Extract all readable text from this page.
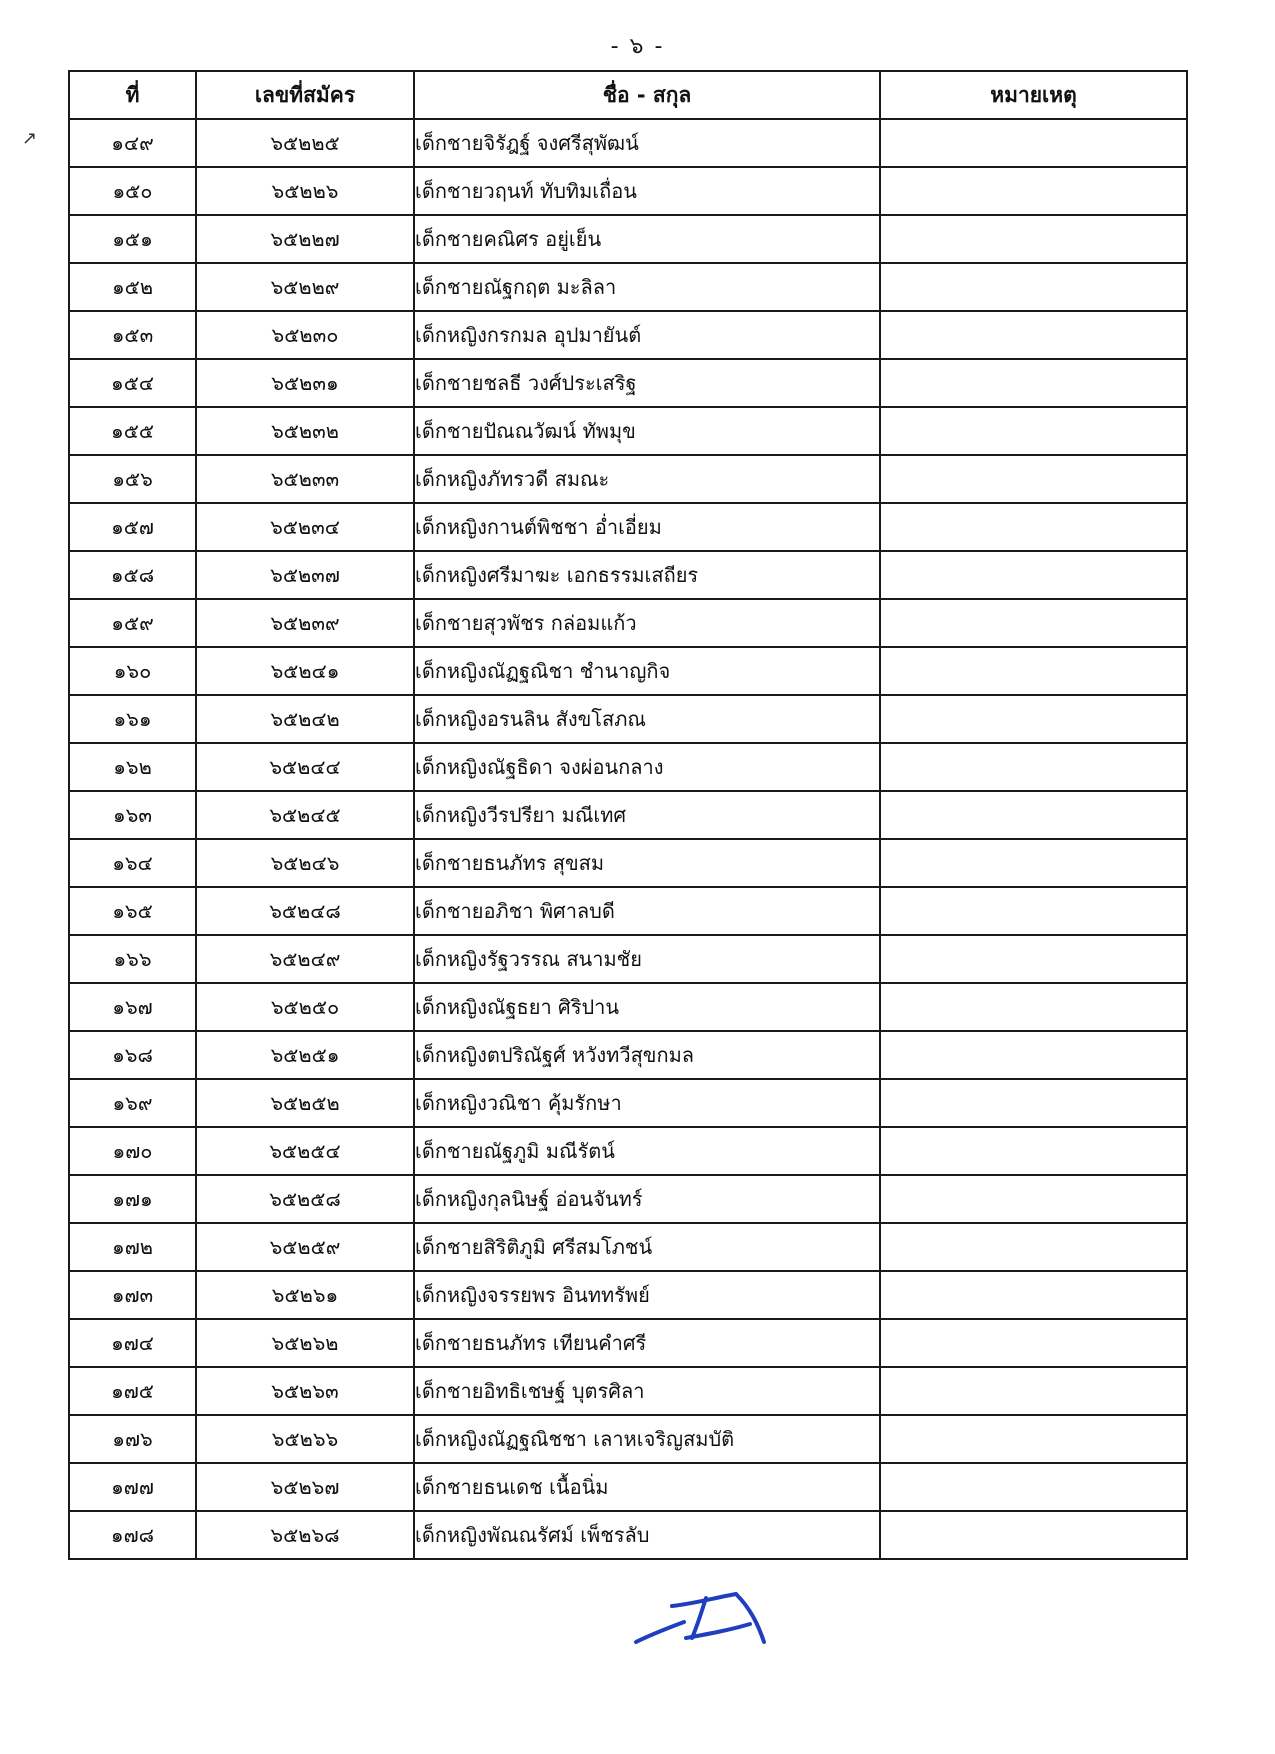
- ๖ -
↗
ที่	เลขที่สมัคร	ชื่อ - สกุล	หมายเหตุ
๑๔๙	๖๕๒๒๕	เด็กชายจิรัฎฐ์ จงศรีสุพัฒน์	
๑๕๐	๖๕๒๒๖	เด็กชายวฤนท์ ทับทิมเถื่อน	
๑๕๑	๖๕๒๒๗	เด็กชายคณิศร อยู่เย็น	
๑๕๒	๖๕๒๒๙	เด็กชายณัฐกฤต มะลิลา	
๑๕๓	๖๕๒๓๐	เด็กหญิงกรกมล อุปมายันต์	
๑๕๔	๖๕๒๓๑	เด็กชายชลธี วงศ์ประเสริฐ	
๑๕๕	๖๕๒๓๒	เด็กชายปัณณวัฒน์ ทัพมุข	
๑๕๖	๖๕๒๓๓	เด็กหญิงภัทรวดี สมณะ	
๑๕๗	๖๕๒๓๔	เด็กหญิงกานต์พิชชา อ่ำเอี่ยม	
๑๕๘	๖๕๒๓๗	เด็กหญิงศรีมาฆะ เอกธรรมเสถียร	
๑๕๙	๖๕๒๓๙	เด็กชายสุวพัชร กล่อมแก้ว	
๑๖๐	๖๕๒๔๑	เด็กหญิงณัฏฐณิชา ชำนาญกิจ	
๑๖๑	๖๕๒๔๒	เด็กหญิงอรนลิน สังขโสภณ	
๑๖๒	๖๕๒๔๔	เด็กหญิงณัฐธิดา จงผ่อนกลาง	
๑๖๓	๖๕๒๔๕	เด็กหญิงวีรปรียา มณีเทศ	
๑๖๔	๖๕๒๔๖	เด็กชายธนภัทร สุขสม	
๑๖๕	๖๕๒๔๘	เด็กชายอภิชา พิศาลบดี	
๑๖๖	๖๕๒๔๙	เด็กหญิงรัฐวรรณ สนามชัย	
๑๖๗	๖๕๒๕๐	เด็กหญิงณัฐธยา ศิริปาน	
๑๖๘	๖๕๒๕๑	เด็กหญิงตปริณัฐศ์ หวังทวีสุขกมล	
๑๖๙	๖๕๒๕๒	เด็กหญิงวณิชา คุ้มรักษา	
๑๗๐	๖๕๒๕๔	เด็กชายณัฐภูมิ มณีรัตน์	
๑๗๑	๖๕๒๕๘	เด็กหญิงกุลนิษฐ์ อ่อนจันทร์	
๑๗๒	๖๕๒๕๙	เด็กชายสิริติภูมิ ศรีสมโภชน์	
๑๗๓	๖๕๒๖๑	เด็กหญิงจรรยพร อินททรัพย์	
๑๗๔	๖๕๒๖๒	เด็กชายธนภัทร เทียนคำศรี	
๑๗๕	๖๕๒๖๓	เด็กชายอิทธิเชษฐ์ บุตรศิลา	
๑๗๖	๖๕๒๖๖	เด็กหญิงณัฏฐณิชชา เลาหเจริญสมบัติ	
๑๗๗	๖๕๒๖๗	เด็กชายธนเดช เนื้อนิ่ม	
๑๗๘	๖๕๒๖๘	เด็กหญิงพัณณรัศม์ เพ็ชรลับ	
